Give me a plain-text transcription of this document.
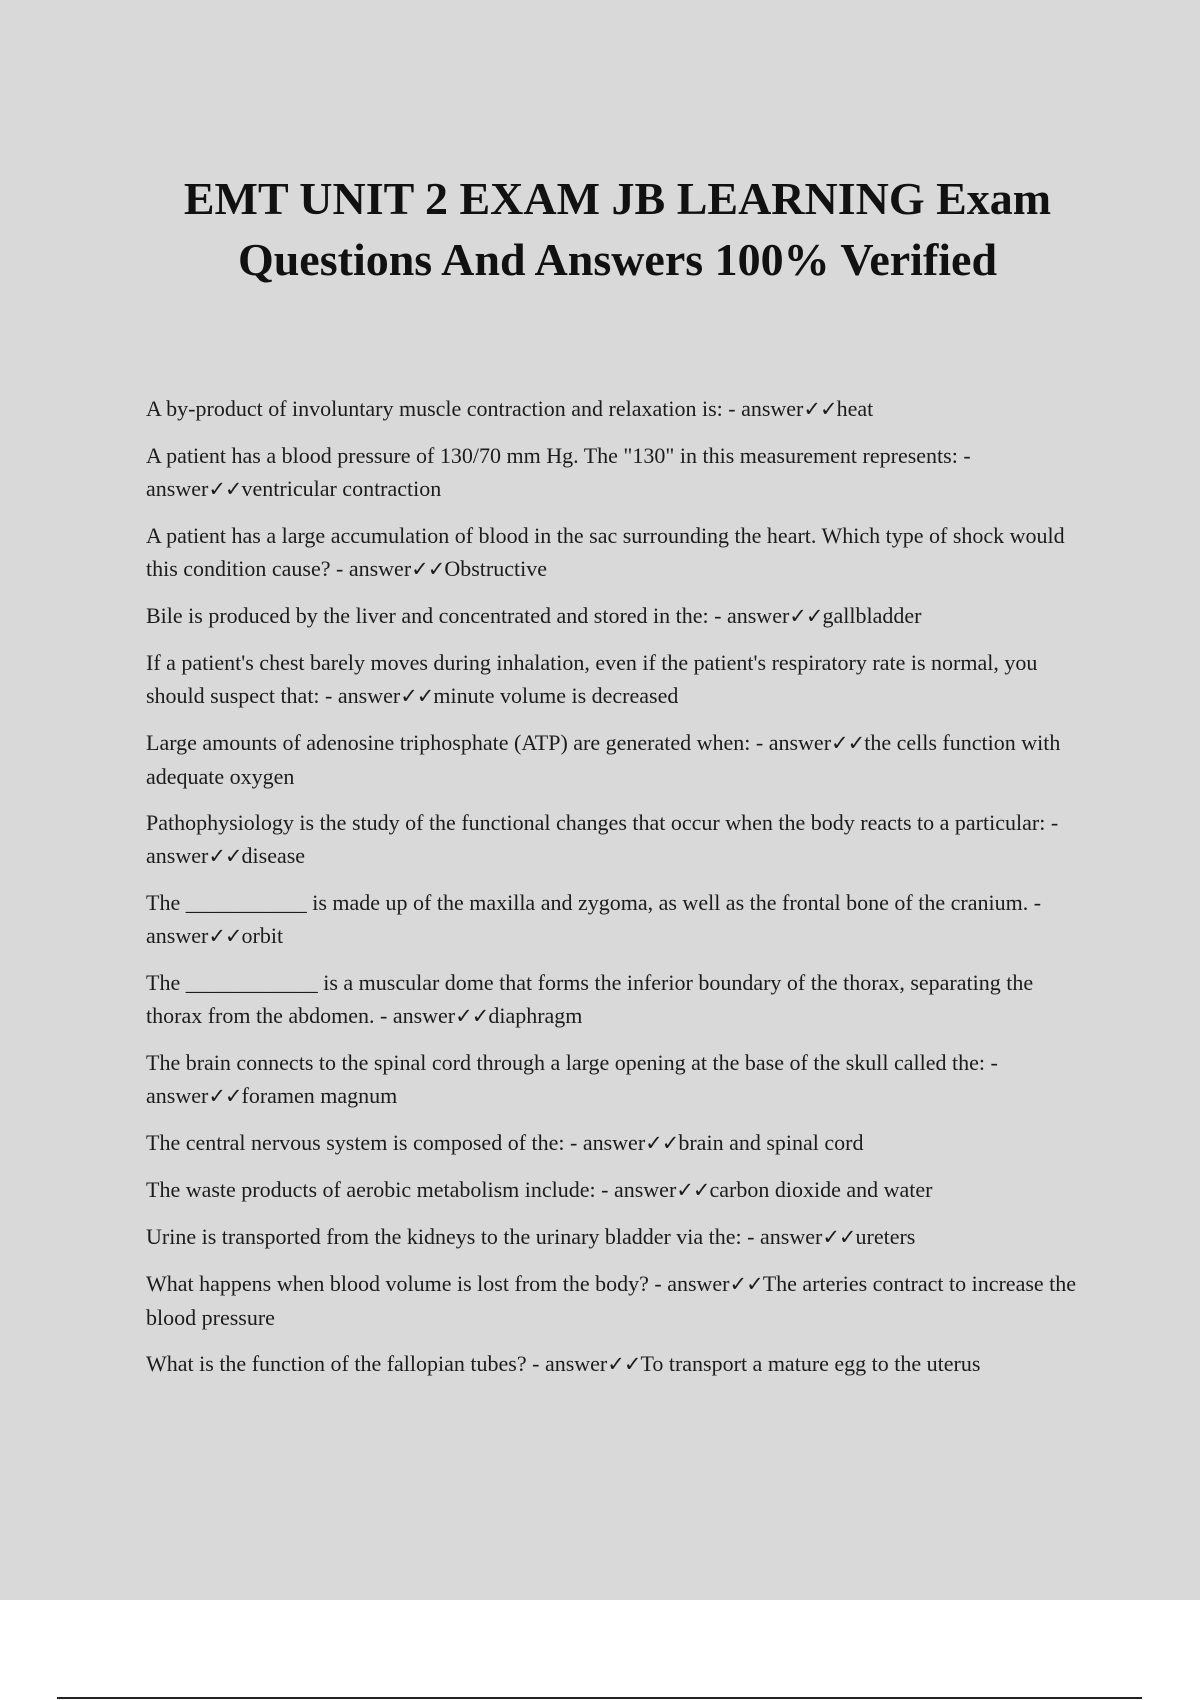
EMT UNIT 2 EXAM JB LEARNING Exam
Questions And Answers 100% Verified
A by-product of involuntary muscle contraction and relaxation is: - answer✓✓heat
A patient has a blood pressure of 130/70 mm Hg. The "130" in this measurement represents: - answer✓✓ventricular contraction
A patient has a large accumulation of blood in the sac surrounding the heart. Which type of shock would this condition cause? - answer✓✓Obstructive
Bile is produced by the liver and concentrated and stored in the: - answer✓✓gallbladder
If a patient's chest barely moves during inhalation, even if the patient's respiratory rate is normal, you should suspect that: - answer✓✓minute volume is decreased
Large amounts of adenosine triphosphate (ATP) are generated when: - answer✓✓the cells function with adequate oxygen
Pathophysiology is the study of the functional changes that occur when the body reacts to a particular: - answer✓✓disease
The ___________ is made up of the maxilla and zygoma, as well as the frontal bone of the cranium. - answer✓✓orbit
The ____________ is a muscular dome that forms the inferior boundary of the thorax, separating the thorax from the abdomen. - answer✓✓diaphragm
The brain connects to the spinal cord through a large opening at the base of the skull called the: - answer✓✓foramen magnum
The central nervous system is composed of the: - answer✓✓brain and spinal cord
The waste products of aerobic metabolism include: - answer✓✓carbon dioxide and water
Urine is transported from the kidneys to the urinary bladder via the: - answer✓✓ureters
What happens when blood volume is lost from the body? - answer✓✓The arteries contract to increase the blood pressure
What is the function of the fallopian tubes? - answer✓✓To transport a mature egg to the uterus
